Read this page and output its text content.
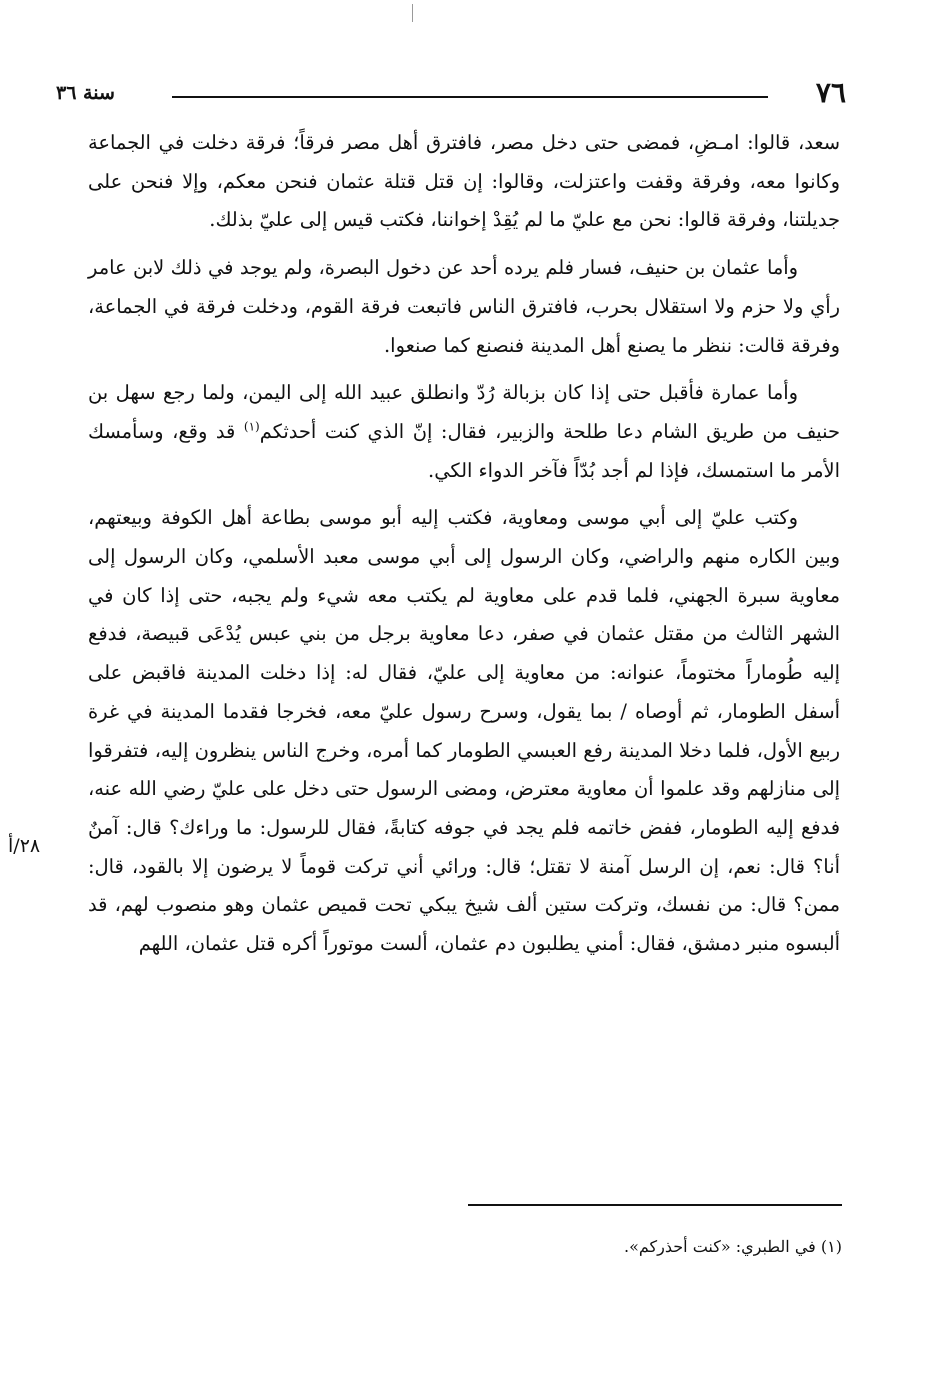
٧٦
سنة ٣٦

سعد، قالوا: امـضِ، فمضى حتى دخل مصر، فافترق أهل مصر فرقاً؛ فرقة دخلت في الجماعة وكانوا معه، وفرقة وقفت واعتزلت، وقالوا: إن قتل قتلة عثمان فنحن معكم، وإلا فنحن على جديلتنا، وفرقة قالوا: نحن مع عليّ ما لم يُقِدْ إخواننا، فكتب قيس إلى عليّ بذلك.

وأما عثمان بن حنيف، فسار فلم يرده أحد عن دخول البصرة، ولم يوجد في ذلك لابن عامر رأي ولا حزم ولا استقلال بحرب، فافترق الناس فاتبعت فرقة القوم، ودخلت فرقة في الجماعة، وفرقة قالت: ننظر ما يصنع أهل المدينة فنصنع كما صنعوا.

وأما عمارة فأقبل حتى إذا كان بزبالة رُدّ وانطلق عبيد الله إلى اليمن، ولما رجع سهل بن حنيف من طريق الشام دعا طلحة والزبير، فقال: إنّ الذي كنت أحدثكم$^{(١)}$ قد وقع، وسأمسك الأمر ما استمسك، فإذا لم أجد بُدّاً فآخر الدواء الكي.

وكتب عليّ إلى أبي موسى ومعاوية، فكتب إليه أبو موسى بطاعة أهل الكوفة وبيعتهم، وبين الكاره منهم والراضي، وكان الرسول إلى أبي موسى معبد الأسلمي، وكان الرسول إلى معاوية سبرة الجهني، فلما قدم على معاوية لم يكتب معه شيء ولم يجبه، حتى إذا كان في الشهر الثالث من مقتل عثمان في صفر، دعا معاوية برجل من بني عبس يُدْعَى قبيصة، فدفع إليه طُوماراً مختوماً، عنوانه: من معاوية إلى عليّ، فقال له: إذا دخلت المدينة فاقبض على أسفل الطومار، ثم أوصاه / بما يقول، وسرح رسول عليّ معه، فخرجا فقدما المدينة في غرة ربيع الأول، فلما دخلا المدينة رفع العبسي الطومار كما أمره، وخرج الناس ينظرون إليه، فتفرقوا إلى منازلهم وقد علموا أن معاوية معترض، ومضى الرسول حتى دخل على عليّ رضي الله عنه، فدفع إليه الطومار، ففض خاتمه فلم يجد في جوفه كتابةً، فقال للرسول: ما وراءك؟ قال: آمنٌ أنا؟ قال: نعم، إن الرسل آمنة لا تقتل؛ قال: ورائي أني تركت قوماً لا يرضون إلا بالقود، قال: ممن؟ قال: من نفسك، وتركت ستين ألف شيخ يبكي تحت قميص عثمان وهو منصوب لهم، قد ألبسوه منبر دمشق، فقال: أمني يطلبون دم عثمان، ألست موتوراً أكره قتل عثمان، اللهم

٢٨/أ
(١) في الطبري: «كنت أحذركم».
